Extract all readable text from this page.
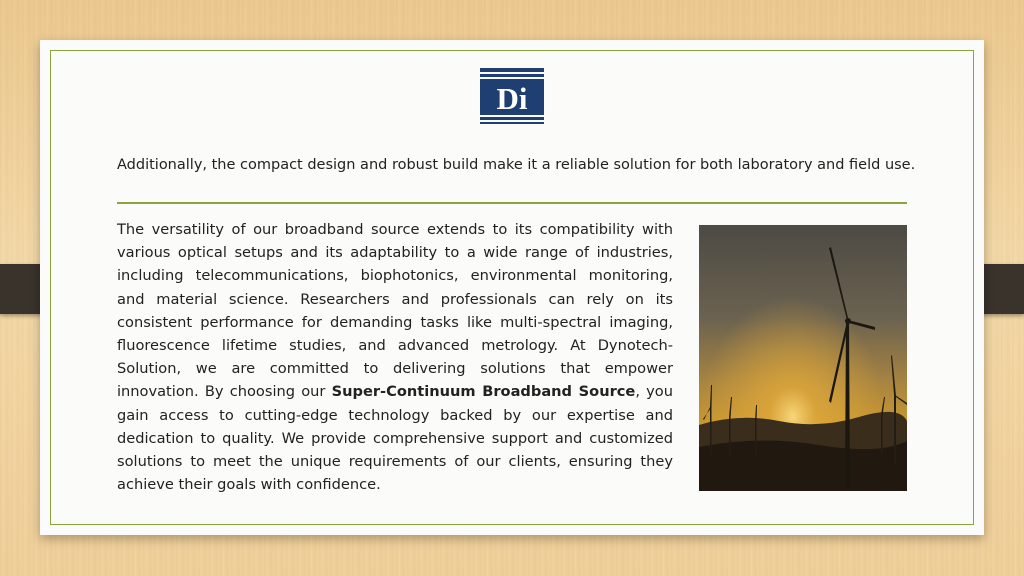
Di

Additionally, the compact design and robust build make it a reliable solution for both laboratory and field use.

The versatility of our broadband source extends to its compatibility with various optical setups and its adaptability to a wide range of industries, including telecommunications, biophotonics, environmental monitoring, and material science. Researchers and professionals can rely on its consistent performance for demanding tasks like multi-spectral imaging, fluorescence lifetime studies, and advanced metrology. At Dynotech-Solution, we are committed to delivering solutions that empower innovation. By choosing our Super-Continuum Broadband Source, you gain access to cutting-edge technology backed by our expertise and dedication to quality. We provide comprehensive support and customized solutions to meet the unique requirements of our clients, ensuring they achieve their goals with confidence.
